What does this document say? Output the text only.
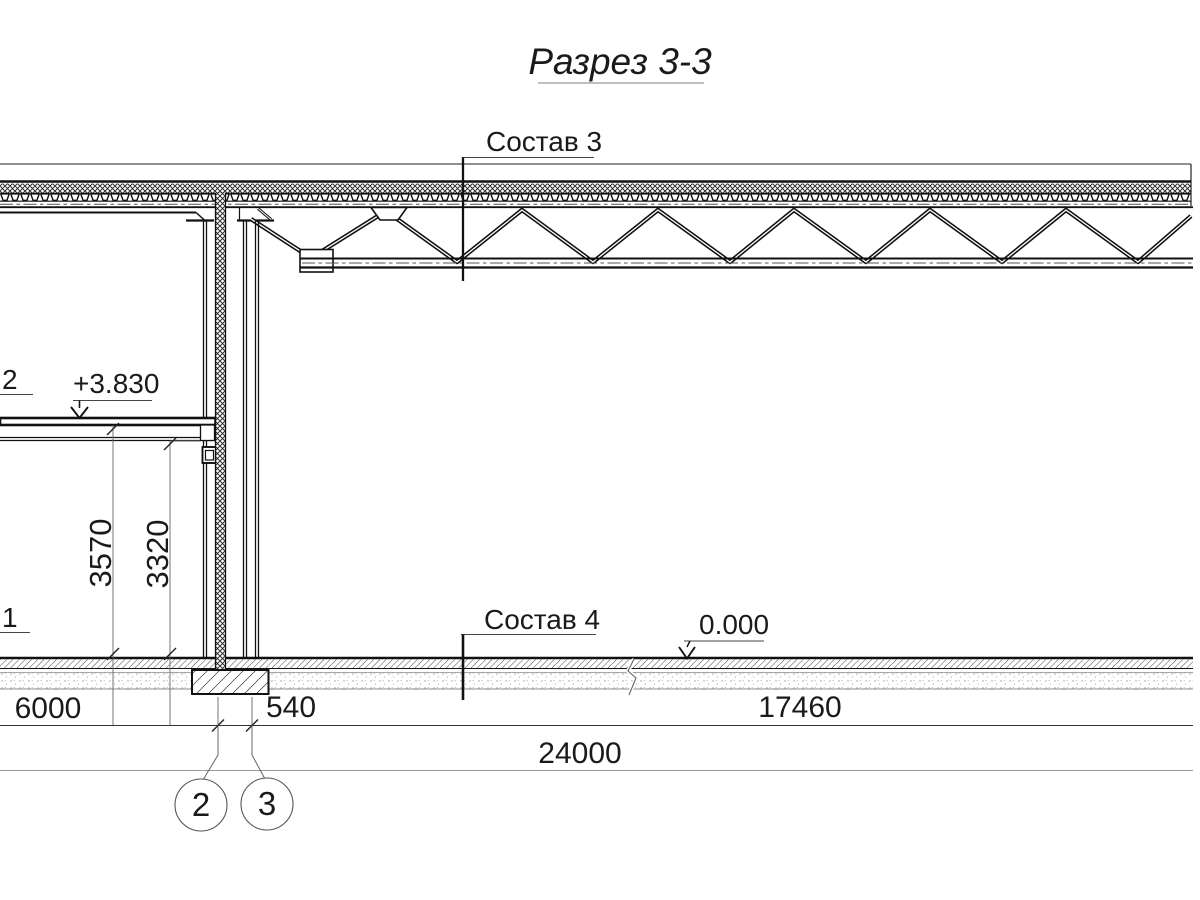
Разрез 3-3
Состав 3
Состав 4
+3.830
0.000
2
1
3570 3320
6000	540	17460
24000
2 3
